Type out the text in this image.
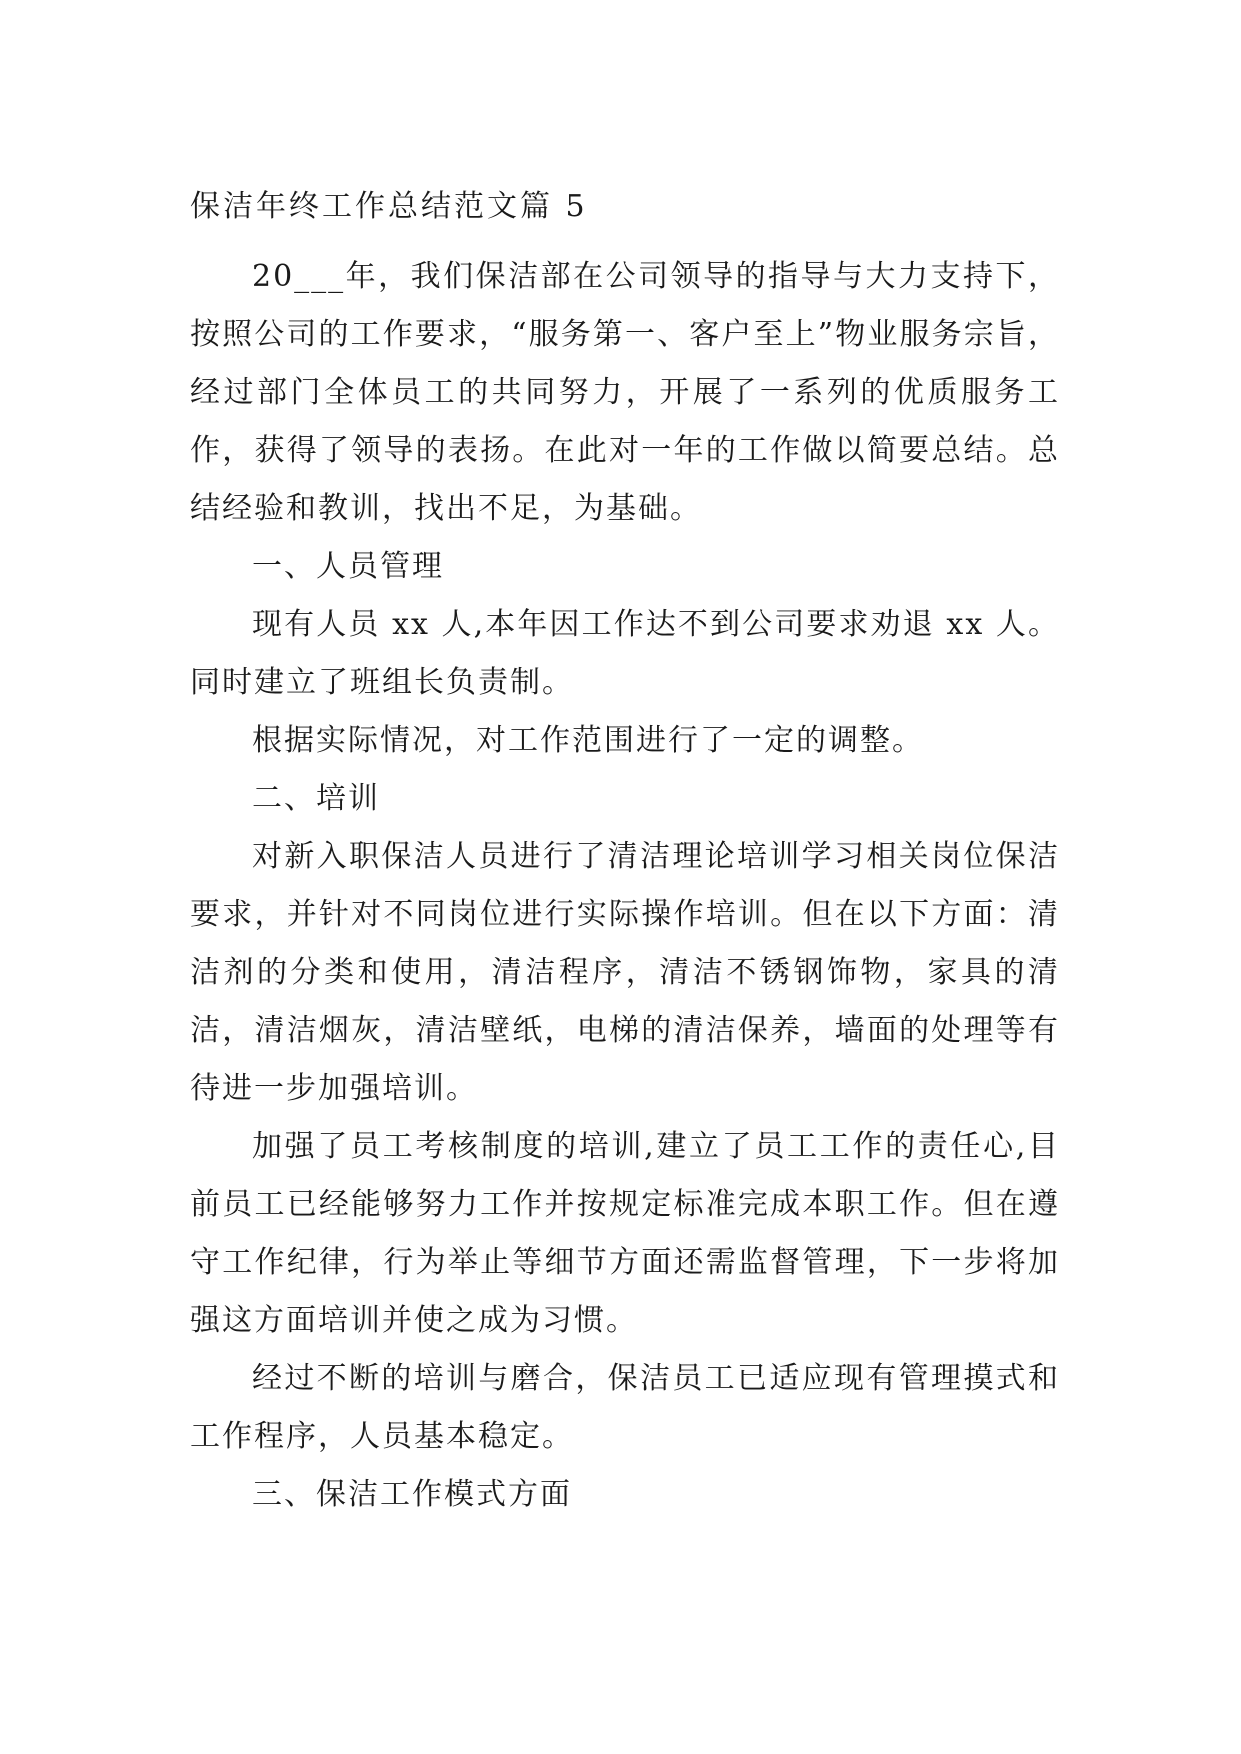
保洁年终工作总结范文篇 5

20___年，我们保洁部在公司领导的指导与大力支持下，按照公司的工作要求，“服务第一、客户至上”物业服务宗旨，经过部门全体员工的共同努力，开展了一系列的优质服务工作，获得了领导的表扬。在此对一年的工作做以简要总结。总结经验和教训，找出不足，为基础。

一、人员管理

现有人员 xx 人,本年因工作达不到公司要求劝退 xx 人。同时建立了班组长负责制。

根据实际情况，对工作范围进行了一定的调整。

二、培训

对新入职保洁人员进行了清洁理论培训学习相关岗位保洁要求，并针对不同岗位进行实际操作培训。但在以下方面：清洁剂的分类和使用，清洁程序，清洁不锈钢饰物，家具的清洁，清洁烟灰，清洁壁纸，电梯的清洁保养，墙面的处理等有待进一步加强培训。

加强了员工考核制度的培训,建立了员工工作的责任心,目前员工已经能够努力工作并按规定标准完成本职工作。但在遵守工作纪律，行为举止等细节方面还需监督管理，下一步将加强这方面培训并使之成为习惯。

经过不断的培训与磨合，保洁员工已适应现有管理摸式和工作程序，人员基本稳定。

三、保洁工作模式方面
